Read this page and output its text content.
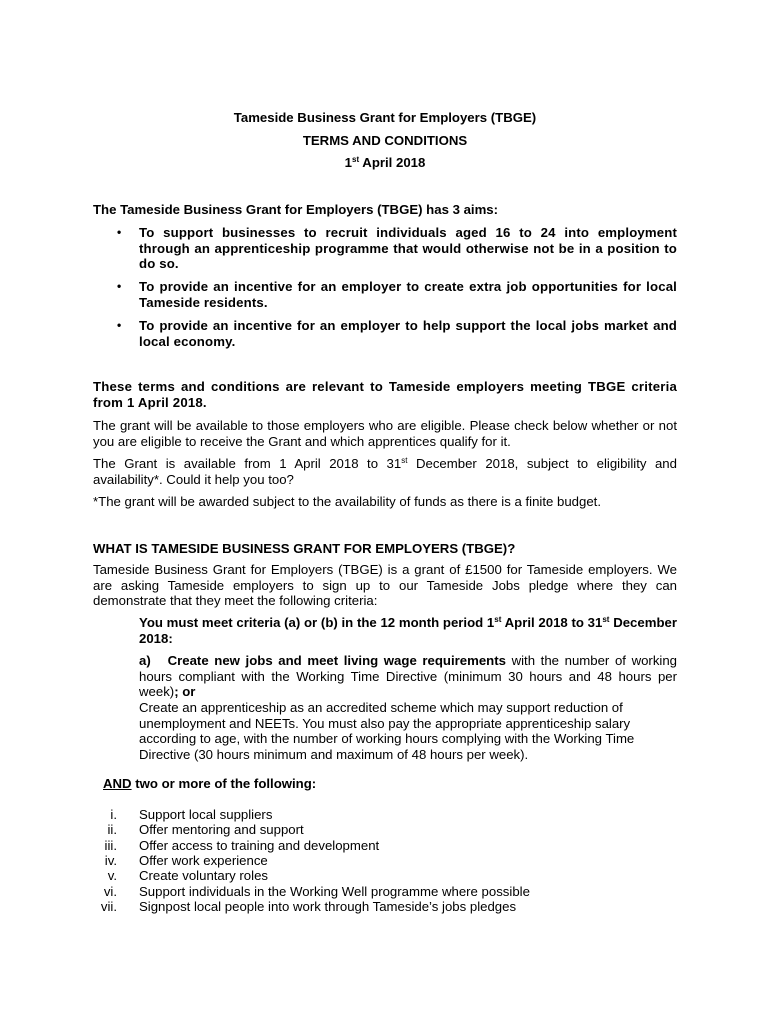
Tameside Business Grant for Employers (TBGE)
TERMS AND CONDITIONS
1st April 2018
The Tameside Business Grant for Employers (TBGE) has 3 aims:
• To support businesses to recruit individuals aged 16 to 24 into employment through an apprenticeship programme that would otherwise not be in a position to do so.
• To provide an incentive for an employer to create extra job opportunities for local Tameside residents.
• To provide an incentive for an employer to help support the local jobs market and local economy.
These terms and conditions are relevant to Tameside employers meeting TBGE criteria from 1 April 2018.
The grant will be available to those employers who are eligible. Please check below whether or not you are eligible to receive the Grant and which apprentices qualify for it.
The Grant is available from 1 April 2018 to 31st December 2018, subject to eligibility and availability*. Could it help you too?
*The grant will be awarded subject to the availability of funds as there is a finite budget.
WHAT IS TAMESIDE BUSINESS GRANT FOR EMPLOYERS (TBGE)?
Tameside Business Grant for Employers (TBGE) is a grant of £1500 for Tameside employers. We are asking Tameside employers to sign up to our Tameside Jobs pledge where they can demonstrate that they meet the following criteria:
You must meet criteria (a) or (b) in the 12 month period 1st April 2018 to 31st December 2018:
a) Create new jobs and meet living wage requirements with the number of working hours compliant with the Working Time Directive (minimum 30 hours and 48 hours per week); or
Create an apprenticeship as an accredited scheme which may support reduction of unemployment and NEETs. You must also pay the appropriate apprenticeship salary according to age, with the number of working hours complying with the Working Time Directive (30 hours minimum and maximum of 48 hours per week).
AND two or more of the following:
i. Support local suppliers
ii. Offer mentoring and support
iii. Offer access to training and development
iv. Offer work experience
v. Create voluntary roles
vi. Support individuals in the Working Well programme where possible
vii. Signpost local people into work through Tameside’s jobs pledges
